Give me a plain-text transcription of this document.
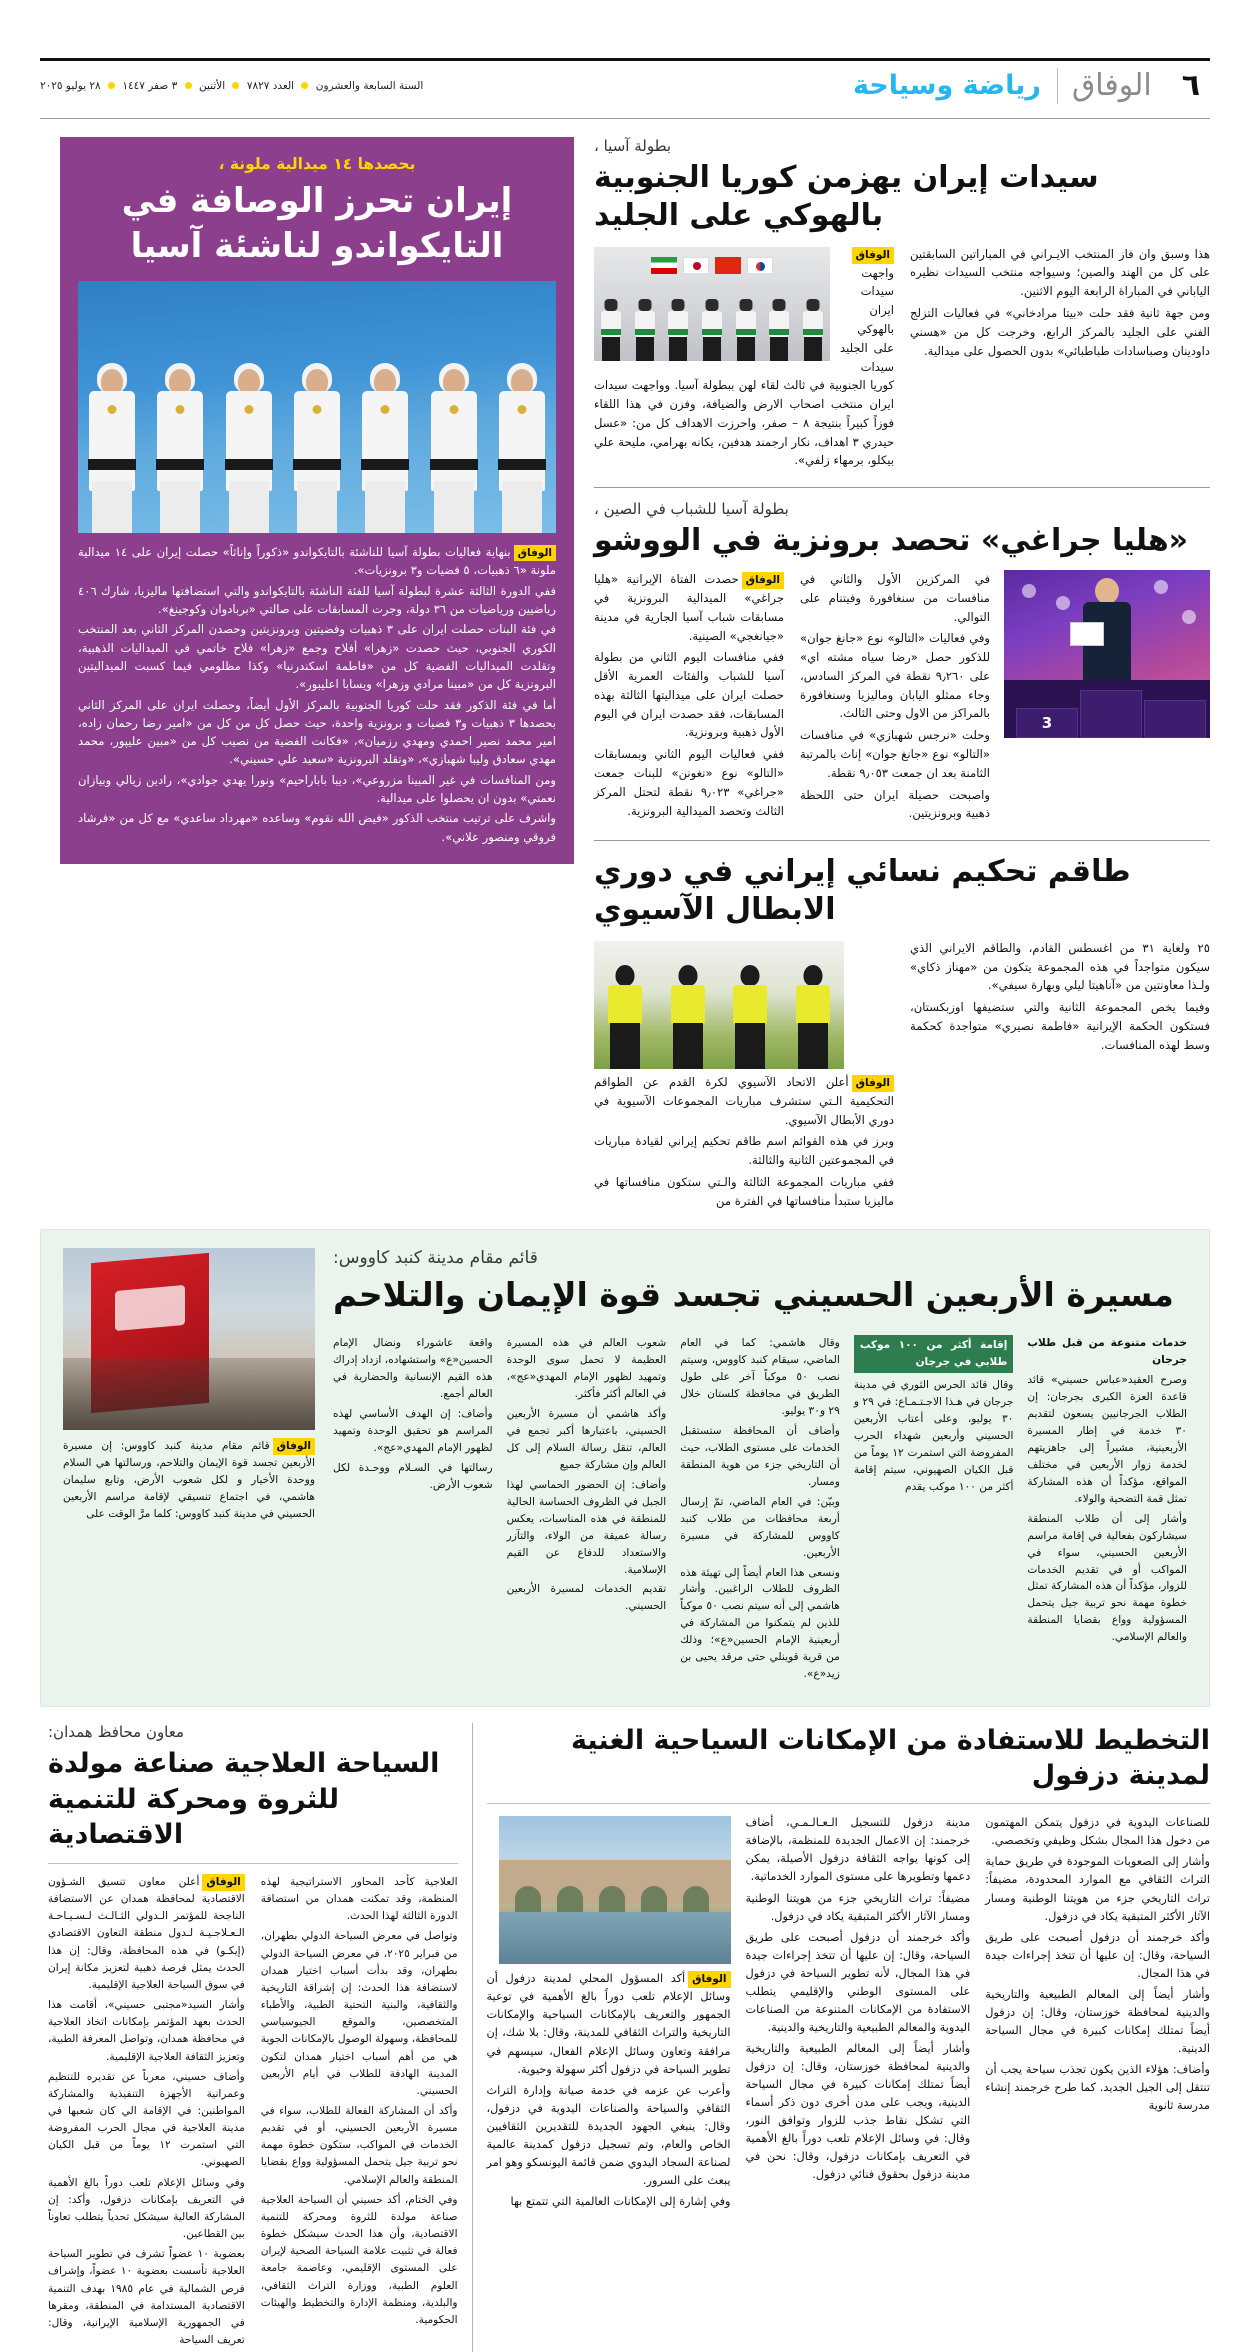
٦
الوفاق
رياضة وسياحة
السنة السابعة والعشرون  العدد ٧٨٢٧  الأثنين  ٣ صفر ١٤٤٧  ٢٨ يوليو ٢٠٢٥
بطولة آسيا ،
سيدات إيران يهزمن كوريا الجنوبية بالهوكي على الجليد

هذا وسبق وان فاز المنتخب الايـراني في المباراتين السابقتين على كل من الهند والصين؛ وسيواجه منتخب السيدات نظيره الياباني في المباراة الرابعة اليوم الاثنين.

ومن جهة ثانية فقد حلت «بيتا مرادخاني» في فعاليات التزلج الفني على الجليد بالمركز الرابع، وخرجت كل من «هسني داودينان وصباسادات طباطبائي» بدون الحصول على ميدالية.

الوفاقواجهت سيدات ايران بالهوكي على الجليد سيدات كوريا الجنوبية في ثالث لقاء لهن ببطولة آسيا. وواجهت سيدات ايران منتخب اصحاب الارض والضيافة، وفزن في هذا اللقاء فوزاً كبيراً بنتيجة ٨ – صفر، واحرزت الاهداف كل من: «عسل حيدري ٣ اهداف، نكار ارجمند هدفين، يكانه بهرامي، مليحة علي بيكلو، برمهاء زلفي».

بطولة آسيا للشباب في الصين ،
«هليا جراغي» تحصد برونزية في الووشو
3

في المركزين الأول والثاني في منافسات من سنغافورة وفيتنام على التوالي.

وفي فعاليات «التالو» نوع «جانغ جوان» للذكور حصل «رضا سياه مشته اي» على ٩٫٢٦٠ نقطة في المركز السادس، وجاء ممثلو اليابان وماليزيا وسنغافورة بالمراكز من الاول وحتى الثالث.

وحلت «نرجس شهبازي» في منافسات «التالو» نوع «جانغ جوان» إناث بالمرتبة الثامنة بعد ان جمعت ٩٫٠٥٣ نقطة.

واصبحت حصيلة ايران حتى اللحظة ذهبية وبرونزيتين.

الوفاقحصدت الفتاة الإيرانية «هليا جراغي» الميدالية البرونزية في مسابقات شباب آسيا الجارية في مدينة «جيانغجي» الصينية.

ففي منافسات اليوم الثاني من بطولة آسيا للشباب والفئات العمرية الأقل حصلت ايران على ميداليتها الثالثة بهذه المسابقات، فقد حصدت ايران في اليوم الأول ذهبية وبرونزية.

ففي فعاليات اليوم الثاني وبمسابقات «التالو» نوع «نغونن» للبنات جمعت «جراغي» ٩٫٠٢٣ نقطة لتحتل المركز الثالث وتحصد الميدالية البرونزية.

طاقم تحكيم نسائي إيراني في دوري الابطال الآسيوي

٢٥ ولغاية ٣١ من اغسطس القادم، والطاقم الايراني الذي سيكون متواجداً في هذه المجموعة يتكون من «مهناز ذكاي» ولـذا معاونتين من «آناهيتا ليلي وبهارة سيفي».

وفيما يخص المجموعة الثانية والتي ستضيفها اوزبكستان، فستكون الحكمة الإيرانية «فاطمة نصيري» متواجدة كحكمة وسط لهذه المنافسات.

الوفاقأعلن الاتحاد الآسيوي لكرة القدم عن الطواقم التحكيمية الـتي ستشرف مباريات المجموعات الآسيوية في دوري الأبطال الآسيوي.

وبرز في هذه القوائم اسم طاقم تحكيم إيراني لقيادة مباريات في المجموعتين الثانية والثالثة.

ففي مباريات المجموعة الثالثة والـتي ستكون منافساتها في ماليزيا ستبدأ منافساتها في الفترة من

بحصدها ١٤ ميدالية ملونة ،
إيران تحرز الوصافة في التايكواندو لناشئة آسيا

الوفاقبنهاية فعاليات بطولة آسيا للناشئة بالتايكواندو «ذكوراً وإناثاً» حصلت إيران على ١٤ ميدالية ملونة «٦ ذهبيات، ٥ فضيات و٣ برونزيات».

ففي الدورة الثالثة عشرة لبطولة آسيا للفئة الناشئة بالتايكواندو والتي استضافتها ماليزيا، شارك ٤٠٦ رياضيين ورياضيات من ٣٦ دولة، وجرت المسابقات على صالتي «بربادوان وكوجينغ».

في فئة البنات حصلت ايران على ٣ ذهبيات وفضيتين وبرونزيتين وحصدن المركز الثاني بعد المنتخب الكوري الجنوبي، حيث حصدت «زهرا» أفلاح وجمع «زهرا» فلاح خاتمي في الميداليات الذهبية، وتقلدت الميداليات الفضية كل من «فاطمة اسكندرنيا» وكذا مظلومي فيما كسبت الميداليتين البرونزية كل من «مبينا مرادي وزهرا» ويسابا اعليبور».

أما في فئة الذكور فقد حلت كوريا الجنوبية بالمركز الأول أيضاً، وحصلت ايران على المركز الثاني بحصدها ٣ ذهبيات و٣ فضيات و برونزية واحدة، حيث حصل كل من كل من «امير رضا رحمان زاده، امير محمد نصير احمدي ومهدي رزميان»، «فكانت الفضية من نصيب كل من «مبين عليپور، محمد مهدي سعادق وليبا شهبازي»، «وتقلد البرونزية «سعيد علي حسيني».

ومن المنافسات في غير المبينا مزروعي»، ديبا باباراحيم» ونورا يهدي جوادي»، رادين زيالي وبيازان نعمتي» بدون ان يحصلوا على ميدالية.

واشرف على ترتيب منتخب الذكور «فيض الله نقوم» وساعده «مهرداد ساعدي» مع كل من «فرشاد فروقي ومنصور علاني».

قائم مقام مدينة كنبد كاووس:
مسيرة الأربعين الحسيني تجسد قوة الإيمان والتلاحم

خدمات متنوعة من قبل طلاب جرجان

وصرح العقيد«عباس حسيني» قائد قاعدة العزة الكبرى بجرجان: إن الطلاب الجرجانيين يسعون لتقديم ٣٠ خدمة في إطار المسيرة الأربعينية، مشيراً إلى جاهزيتهم لخدمة زوار الأربعين في مختلف المواقع، مؤكداً أن هذه المشاركة تمثل قمة التضحية والولاء.

وأشار إلى أن طلاب المنطقة سيشاركون بفعالية في إقامة مراسم الأربعين الحسيني، سواء في المواكب أو في تقديم الخدمات للزوار، مؤكداً أن هذه المشاركة تمثل خطوة مهمة نحو تربية جيل يتحمل المسؤولية وواع بقضايا المنطقة والعالم الإسلامي.

إقامة أكثر من ١٠٠ موكب طلابي في جرجان

وقال قائد الحرس الثوري في مدينة جرجان في هـذا الاجـتـمـاع: في ٢٩ و ٣٠ يوليو، وعلى أعتاب الأربعين الحسيني وأربعين شهداء الحرب المفروضة التي استمرت ١٢ يوماً من قبل الكيان الصهيوني، سيتم إقامة أكثر من ١٠٠ موكب يقدم

وقال هاشمي: كما في العام الماضي، سيقام كنبد كاووس، وسيتم نصب ٥٠ موكباً آخر على طول الطريق في محافظة كلستان خلال ٢٩ و٣٠ يوليو.

وأضاف أن المحافظة ستستقبل الخدمات على مستوى الطلاب، حيث أن التاريخي جزء من هوية المنطقة ومسار.

وبيّن: في العام الماضي، تمّ إرسال أربعة محافظات من طلاب كنبد كاووس للمشاركة في مسيرة الأربعين.

ونسعى هذا العام أيضاً إلى تهيئة هذه الظروف للطلاب الراغبين. وأشار هاشمي إلى أنه سيتم نصب ٥٠ موكباً للذين لم يتمكنوا من المشاركة في أربعينية الإمام الحسين«ع»؛ وذلك من قرية قوينلي حتى مرقد يحيى بن زيد«ع».

شعوب العالم في هذه المسيرة العظيمة لا تحمل سوى الوحدة وتمهيد لظهور الإمام المهدي«عج»، في العالم أكثر فأكثر.

وأكد هاشمي أن مسيرة الأربعين الحسيني، باعتبارها أكبر تجمع في العالم، تنقل رسالة السلام إلى كل العالم وإن مشاركة جميع

وأضاف: إن الحضور الحماسي لهذا الجبل في الظروف الحساسة الحالية للمنطقة في هذه المناسبات، يعكس رسالة عميقة من الولاء، والتآزر والاستعداد للدفاع عن القيم الإسلامية.

تقديم الخدمات لمسيرة الأربعين الحسيني.

واقعة عاشوراء ونضال الإمام الحسين«ع» واستشهاده، ازداد إدراك هذه القيم الإنسانية والحضارية في العالم أجمع.

وأضاف: إن الهدف الأساسي لهذه المراسم هو تحقيق الوحدة وتمهيد لظهور الإمام المهدي«عج».

رسالتها في السـلام ووحـدة لكل شعوب الأرض.

الوفاققائم مقام مدينة كنبد كاووس: إن مسيرة الأربعين تجسد قوة الإيمان والتلاحم، ورسالتها هي السلام ووحدة الأخيار و لكل شعوب الأرض، وتابع سليمان هاشمي، في اجتماع تنسيقي لإقامة مراسم الأربعين الحسيني في مدينة كنبد كاووس: كلما مرَّ الوقت على
التخطيط للاستفادة من الإمكانات السياحية الغنية لمدينة دزفول

للصناعات اليدوية في دزفول يتمكن المهتمون من دخول هذا المجال بشكل وظيفي وتخصصي.

وأشار إلى الصعوبات الموجودة في طريق حماية التراث الثقافي مع الموارد المحدودة، مضيفاً: تراث التاريخي جزء من هويتنا الوطنية ومسار الآثار الأكثر المتبقية يكاد في دزفول.

وأكد خرجمند أن دزفول أصبحت على طريق السياحة، وقال: إن عليها أن تتخذ إجراءات جيدة في هذا المجال.

وأشار أيضاً إلى المعالم الطبيعية والتاريخية والدينية لمحافظة خوزستان، وقال: إن دزفول أيضاً تمتلك إمكانات كبيرة في مجال السياحة الدينية.

وأضاف: هؤلاء الذين يكون تجذب سياحة يجب أن تنتقل إلى الجيل الجديد. كما طرح خرجمند إنشاء مدرسة ثانوية

مدينة دزفول للتسجيل الـعـالـمـي، أضاف خرجمند: إن الاعمال الجديدة للمنظمة، بالإضافة إلى كونها يواجه الثقافة دزفول الأصيلة، يمكن دعمها وتطويرها على مستوى الموارد الخدماتية.

مضيفاً: تراث التاريخي جزء من هويتنا الوطنية ومسار الآثار الأكثر المتبقية يكاد في دزفول.

وأكد خرجمند أن دزفول أصبحت على طريق السياحة، وقال: إن عليها أن تتخذ إجراءات جيدة في هذا المجال، لأنه تطوير السياحة في دزفول على المستوى الوطني والإقليمي يتطلب الاستفادة من الإمكانات المتنوعة من الصناعات اليدوية والمعالم الطبيعية والتاريخية والدينية.

وأشار أيضاً إلى المعالم الطبيعية والتاريخية والدينية لمحافظة خوزستان، وقال: إن دزفول أيضاً تمتلك إمكانات كبيرة في مجال السياحة الدينية، ويجب على مدن أخرى دون ذكر أسماء التي تشكل نقاط جذب للزوار وتوافق النور، وقال: في وسائل الإعلام تلعب دوراً بالغ الأهمية في التعريف بإمكانات دزفول، وقال: نحن في مدينة دزفول بحقوق فنائي دزفول.

الوفاقأكد المسؤول المحلي لمدينة دزفول أن وسائل الإعلام تلعب دوراً بالغ الأهمية في توعية الجمهور والتعريف بالإمكانات السياحية والإمكانات التاريخية والتراث الثقافي للمدينة، وقال: بلا شك، إن مرافقة وتعاون وسائل الإعلام الفعال، سيسهم في تطوير السياحة في دزفول أكثر سهولة وحيوية.

وأعرب عن عزمه في خدمة صيانة وإدارة التراث الثقافي والسياحة والصناعات اليدوية في دزفول، وقال: ينبغي الجهود الجديدة للتقديرين الثقافيين الخاص والعام، وتم تسجيل دزفول كمدينة عالمية لصناعة السجاد اليدوي ضمن قائمة اليونسكو وهو امر يبعث على السرور.

وفي إشارة إلى الإمكانات العالمية التي تتمتع بها

معاون محافظ همدان:
السياحة العلاجية صناعة مولدة للثروة ومحركة للتنمية الاقتصادية

العلاجية كأحد المحاور الاستراتيجية لهذه المنظمة، وقد تمكنت همدان من استضافة الدورة الثالثة لهذا الحدث.

وتواصل في معرض السياحة الدولي بطهران، من فبراير ٢٠٢٥، في معرض السياحة الدولي بطهران، وقد بدأت أسباب اختيار همدان لاستضافة هذا الحدث: إن إشراقة التاريخية والثقافية، والبنية التحتية الطبية، والأطباء المتخصصين، والموقع الجيوسياسي للمحافظة، وسهولة الوصول بالإمكانات الجوية هي من أهم أسباب اختيار همدان لتكون المدينة الهادفة للطلاب في أيام الأربعين الحسيني.

وأكد أن المشاركة الفعالة للطلاب، سواء في مسيرة الأربعين الحسيني، أو في تقديم الخدمات في المواكب، ستكون خطوة مهمة نحو تربية جيل يتحمل المسؤولية وواع بقضايا المنطقة والعالم الإسلامي.

وفي الختام، أكد حسيني أن السياحة العلاجية صناعة مولدة للثروة ومحركة للتنمية الاقتصادية، وأن هذا الحدث سيشكل خطوة فعالة في تثبيت علامة السياحة الصحية لإيران على المستوى الإقليمي، وعاصمة جامعة العلوم الطبية، ووزارة التراث الثقافي، والبلدية، ومنظمة الإدارة والتخطيط والهيئات الحكومية.

الوفاقأعلن معاون تنسيق الشـؤون الاقتصادية لمحافظة همدان عن الاستضافة الناجحة للمؤتمر الـدولي الثـالـث لـسـيـاحـة الـعـلاجـيـة لـدول منطقة التعاون الاقتصادي (إيكـو) في هذه المحافظة، وقال: إن هذا الحدث يمثل فرصة ذهبية لتعزيز مكانة إيران في سوق السياحة العلاجية الإقليمية.

وأشار السيد«مجتبى حسيني»، أقامت هذا الحدث بعهد المؤتمر بإمكانات اتخاذ العلاجية في محافظة همدان، وتواصل المعرفة الطبية، وتعزيز الثقافة العلاجية الإقليمية.

وأضاف حسيني، معرباً عن تقديره للتنظيم وعمرانية الأجهزة التنفيذية والمشاركة المواطنين: في الإقامة الي كان شعبها في مدينة العلاجية في مجال الحرب المفروضة التي استمرت ١٢ يوماً من قبل الكيان الصهيوني.

وفي وسائل الإعلام تلعب دوراً بالغ الأهمية في التعريف بإمكانات دزفول، وأكد: إن المشاركة العالية سيشكل تحدياً يتطلب تعاوناً بين القطاعين.

بعضوية ١٠ عضواً تشرف في تطوير السياحة العلاجية تأسست بعضوية ١٠ عضواً، وإشراف فرص الشمالية في عام ١٩٨٥ بهدف التنمية الاقتصادية المستدامة في المنطقة، ومقرها في الجمهورية الإسلامية الإيرانية، وقال: تعريف السياحة
